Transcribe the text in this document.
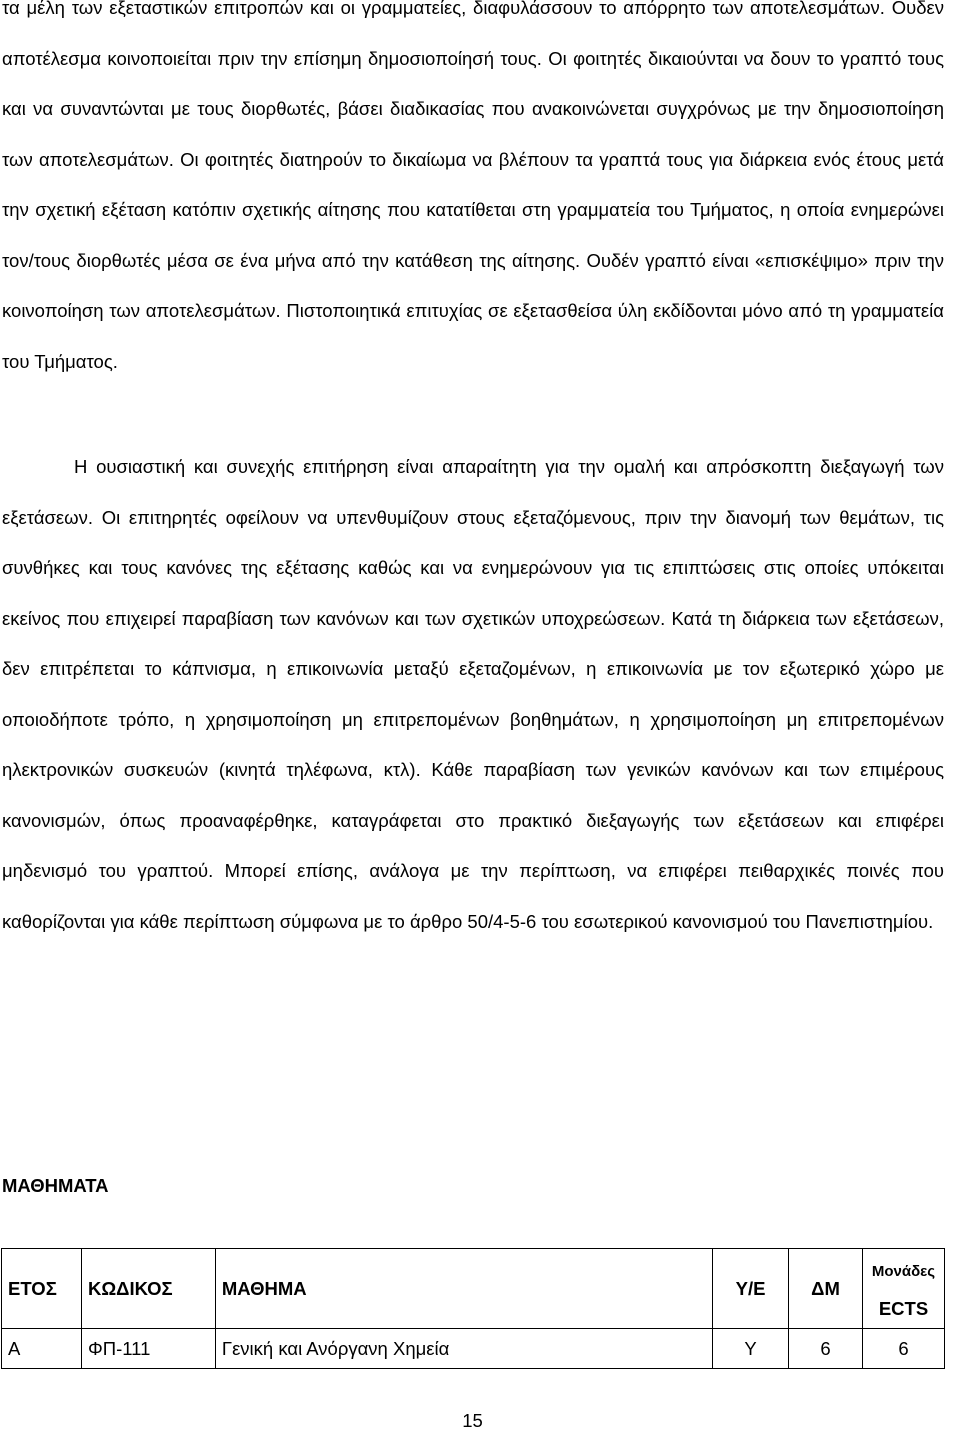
τα μέλη των εξεταστικών επιτροπών και οι γραμματείες, διαφυλάσσουν το απόρρητο των αποτελεσμάτων. Ουδεν αποτέλεσμα κοινοποιείται πριν την επίσημη δημοσιοποίησή τους. Οι φοιτητές δικαιούνται να δουν το γραπτό τους και να συναντώνται με τους διορθωτές, βάσει διαδικασίας που ανακοινώνεται συγχρόνως με την δημοσιοποίηση των αποτελεσμάτων. Οι φοιτητές διατηρούν το δικαίωμα να βλέπουν τα γραπτά τους για διάρκεια ενός έτους μετά την σχετική εξέταση κατόπιν σχετικής αίτησης που κατατίθεται στη γραμματεία του Τμήματος, η οποία ενημερώνει τον/τους διορθωτές μέσα σε ένα μήνα από την κατάθεση της αίτησης. Ουδέν γραπτό είναι «επισκέψιμο» πριν την κοινοποίηση των αποτελεσμάτων. Πιστοποιητικά επιτυχίας σε εξετασθείσα ύλη εκδίδονται μόνο από τη γραμματεία του Τμήματος.
Η ουσιαστική και συνεχής επιτήρηση είναι απαραίτητη για την ομαλή και απρόσκοπτη διεξαγωγή των εξετάσεων. Οι επιτηρητές οφείλουν να υπενθυμίζουν στους εξεταζόμενους, πριν την διανομή των θεμάτων, τις συνθήκες και τους κανόνες της εξέτασης καθώς και να ενημερώνουν για τις επιπτώσεις στις οποίες υπόκειται εκείνος που επιχειρεί παραβίαση των κανόνων και των σχετικών υποχρεώσεων. Κατά τη διάρκεια των εξετάσεων, δεν επιτρέπεται το κάπνισμα, η επικοινωνία μεταξύ εξεταζομένων, η επικοινωνία με τον εξωτερικό χώρο με οποιοδήποτε τρόπο, η χρησιμοποίηση μη επιτρεπομένων βοηθημάτων, η χρησιμοποίηση μη επιτρεπομένων ηλεκτρονικών συσκευών (κινητά τηλέφωνα, κτλ). Κάθε παραβίαση των γενικών κανόνων και των επιμέρους κανονισμών, όπως προαναφέρθηκε, καταγράφεται στο πρακτικό διεξαγωγής των εξετάσεων και επιφέρει μηδενισμό του γραπτού. Μπορεί επίσης, ανάλογα με την περίπτωση, να επιφέρει πειθαρχικές ποινές που καθορίζονται για κάθε περίπτωση σύμφωνα με το άρθρο 50/4-5-6 του εσωτερικού κανονισμού του Πανεπιστημίου.
ΜΑΘΗΜΑΤΑ
ΕΤΟΣ	ΚΩΔΙΚΟΣ	ΜΑΘΗΜΑ	Υ/Ε	ΔΜ	Μονάδες
ECTS

Α	ΦΠ-111	Γενική και Ανόργανη Χημεία	Υ	6	6
15
